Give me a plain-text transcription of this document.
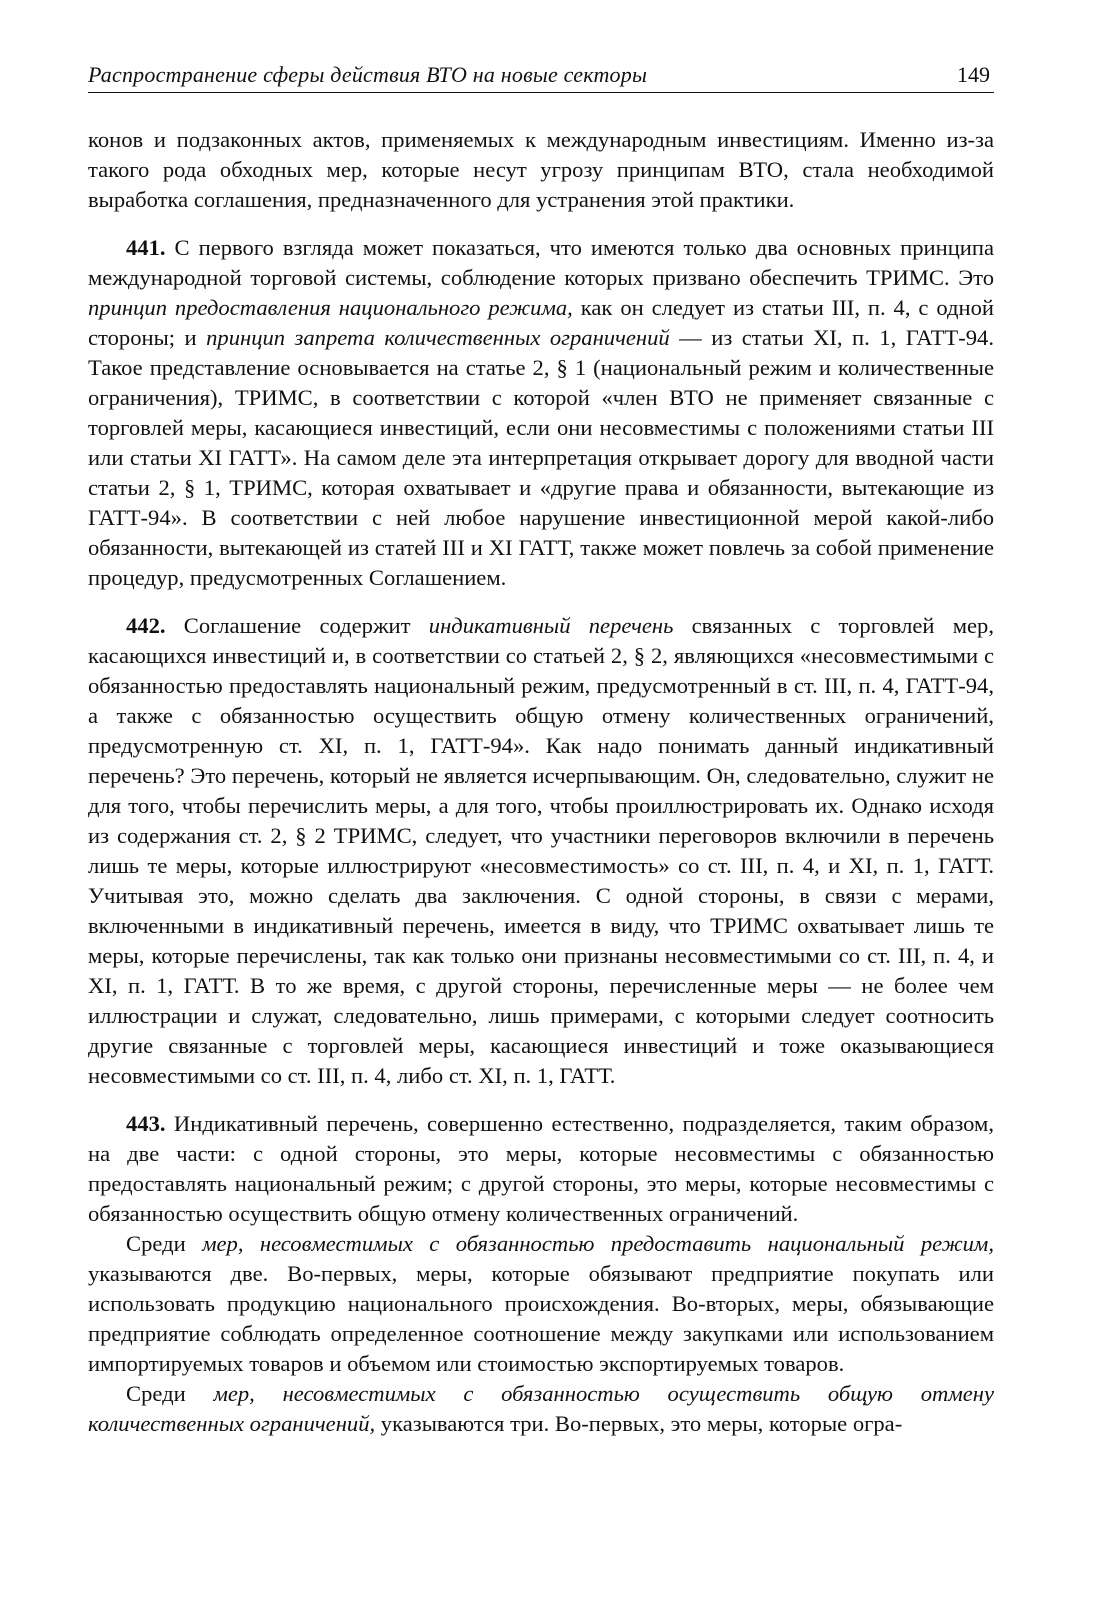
Распространение сферы действия ВТО на новые секторы	149

конов и подзаконных актов, применяемых к международным инвестициям. Именно из-за такого рода обходных мер, которые несут угрозу принципам ВТО, стала необходимой выработка соглашения, предназначенного для устранения этой практики.

441. С первого взгляда может показаться, что имеются только два основных принципа международной торговой системы, соблюдение которых призвано обеспечить ТРИМС. Это принцип предоставления национального режима, как он следует из статьи III, п. 4, с одной стороны; и принцип запрета количественных ограничений — из статьи XI, п. 1, ГАТТ-94. Такое представление основывается на статье 2, § 1 (национальный режим и количественные ограничения), ТРИМС, в соответствии с которой «член ВТО не применяет связанные с торговлей меры, касающиеся инвестиций, если они несовместимы с положениями статьи III или статьи XI ГАТТ». На самом деле эта интерпретация открывает дорогу для вводной части статьи 2, § 1, ТРИМС, которая охватывает и «другие права и обязанности, вытекающие из ГАТТ-94». В соответствии с ней любое нарушение инвестиционной мерой какой-либо обязанности, вытекающей из статей III и XI ГАТТ, также может повлечь за собой применение процедур, предусмотренных Соглашением.

442. Соглашение содержит индикативный перечень связанных с торговлей мер, касающихся инвестиций и, в соответствии со статьей 2, § 2, являющихся «несовместимыми с обязанностью предоставлять национальный режим, предусмотренный в ст. III, п. 4, ГАТТ-94, а также с обязанностью осуществить общую отмену количественных ограничений, предусмотренную ст. XI, п. 1, ГАТТ-94». Как надо понимать данный индикативный перечень? Это перечень, который не является исчерпывающим. Он, следовательно, служит не для того, чтобы перечислить меры, а для того, чтобы проиллюстрировать их. Однако исходя из содержания ст. 2, § 2 ТРИМС, следует, что участники переговоров включили в перечень лишь те меры, которые иллюстрируют «несовместимость» со ст. III, п. 4, и XI, п. 1, ГАТТ. Учитывая это, можно сделать два заключения. С одной стороны, в связи с мерами, включенными в индикативный перечень, имеется в виду, что ТРИМС охватывает лишь те меры, которые перечислены, так как только они признаны несовместимыми со ст. III, п. 4, и XI, п. 1, ГАТТ. В то же время, с другой стороны, перечисленные меры — не более чем иллюстрации и служат, следовательно, лишь примерами, с которыми следует соотносить другие связанные с торговлей меры, касающиеся инвестиций и тоже оказывающиеся несовместимыми со ст. III, п. 4, либо ст. XI, п. 1, ГАТТ.

443. Индикативный перечень, совершенно естественно, подразделяется, таким образом, на две части: с одной стороны, это меры, которые несовместимы с обязанностью предоставлять национальный режим; с другой стороны, это меры, которые несовместимы с обязанностью осуществить общую отмену количественных ограничений.

Среди мер, несовместимых с обязанностью предоставить национальный режим, указываются две. Во-первых, меры, которые обязывают предприятие покупать или использовать продукцию национального происхождения. Во-вторых, меры, обязывающие предприятие соблюдать определенное соотношение между закупками или использованием импортируемых товаров и объемом или стоимостью экспортируемых товаров.

Среди мер, несовместимых с обязанностью осуществить общую отмену количественных ограничений, указываются три. Во-первых, это меры, которые огра-
